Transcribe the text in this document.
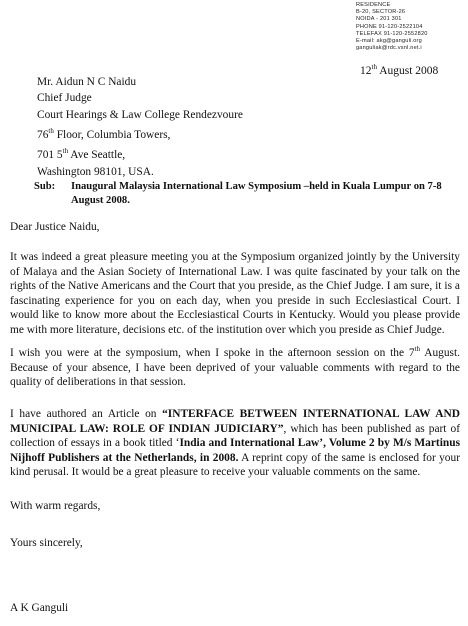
RESIDENCE
B-20, SECTOR-26
NOIDA - 201 301
PHONE 91-120-2522104
TELEFAX 91-120-2552820
E-mail: akg@ganguli.org
ganguliak@rdc.vsnl.net.i
12th August 2008
Mr. Aidun N C Naidu
Chief Judge
Court Hearings & Law College Rendezvoure
76th Floor, Columbia Towers,
701 5th Ave Seattle,
Washington 98101, USA.
Sub: Inaugural Malaysia International Law Symposium –held in Kuala Lumpur on 7-8 August 2008.
Dear Justice Naidu,
It was indeed a great pleasure meeting you at the Symposium organized jointly by the University of Malaya and the Asian Society of International Law. I was quite fascinated by your talk on the rights of the Native Americans and the Court that you preside, as the Chief Judge. I am sure, it is a fascinating experience for you on each day, when you preside in such Ecclesiastical Court. I would like to know more about the Ecclesiastical Courts in Kentucky. Would you please provide me with more literature, decisions etc. of the institution over which you preside as Chief Judge.
I wish you were at the symposium, when I spoke in the afternoon session on the 7th August. Because of your absence, I have been deprived of your valuable comments with regard to the quality of deliberations in that session.
I have authored an Article on “INTERFACE BETWEEN INTERNATIONAL LAW AND MUNICIPAL LAW: ROLE OF INDIAN JUDICIARY”, which has been published as part of collection of essays in a book titled ‘India and International Law’, Volume 2 by M/s Martinus Nijhoff Publishers at the Netherlands, in 2008. A reprint copy of the same is enclosed for your kind perusal. It would be a great pleasure to receive your valuable comments on the same.
With warm regards,
Yours sincerely,
A K Ganguli
